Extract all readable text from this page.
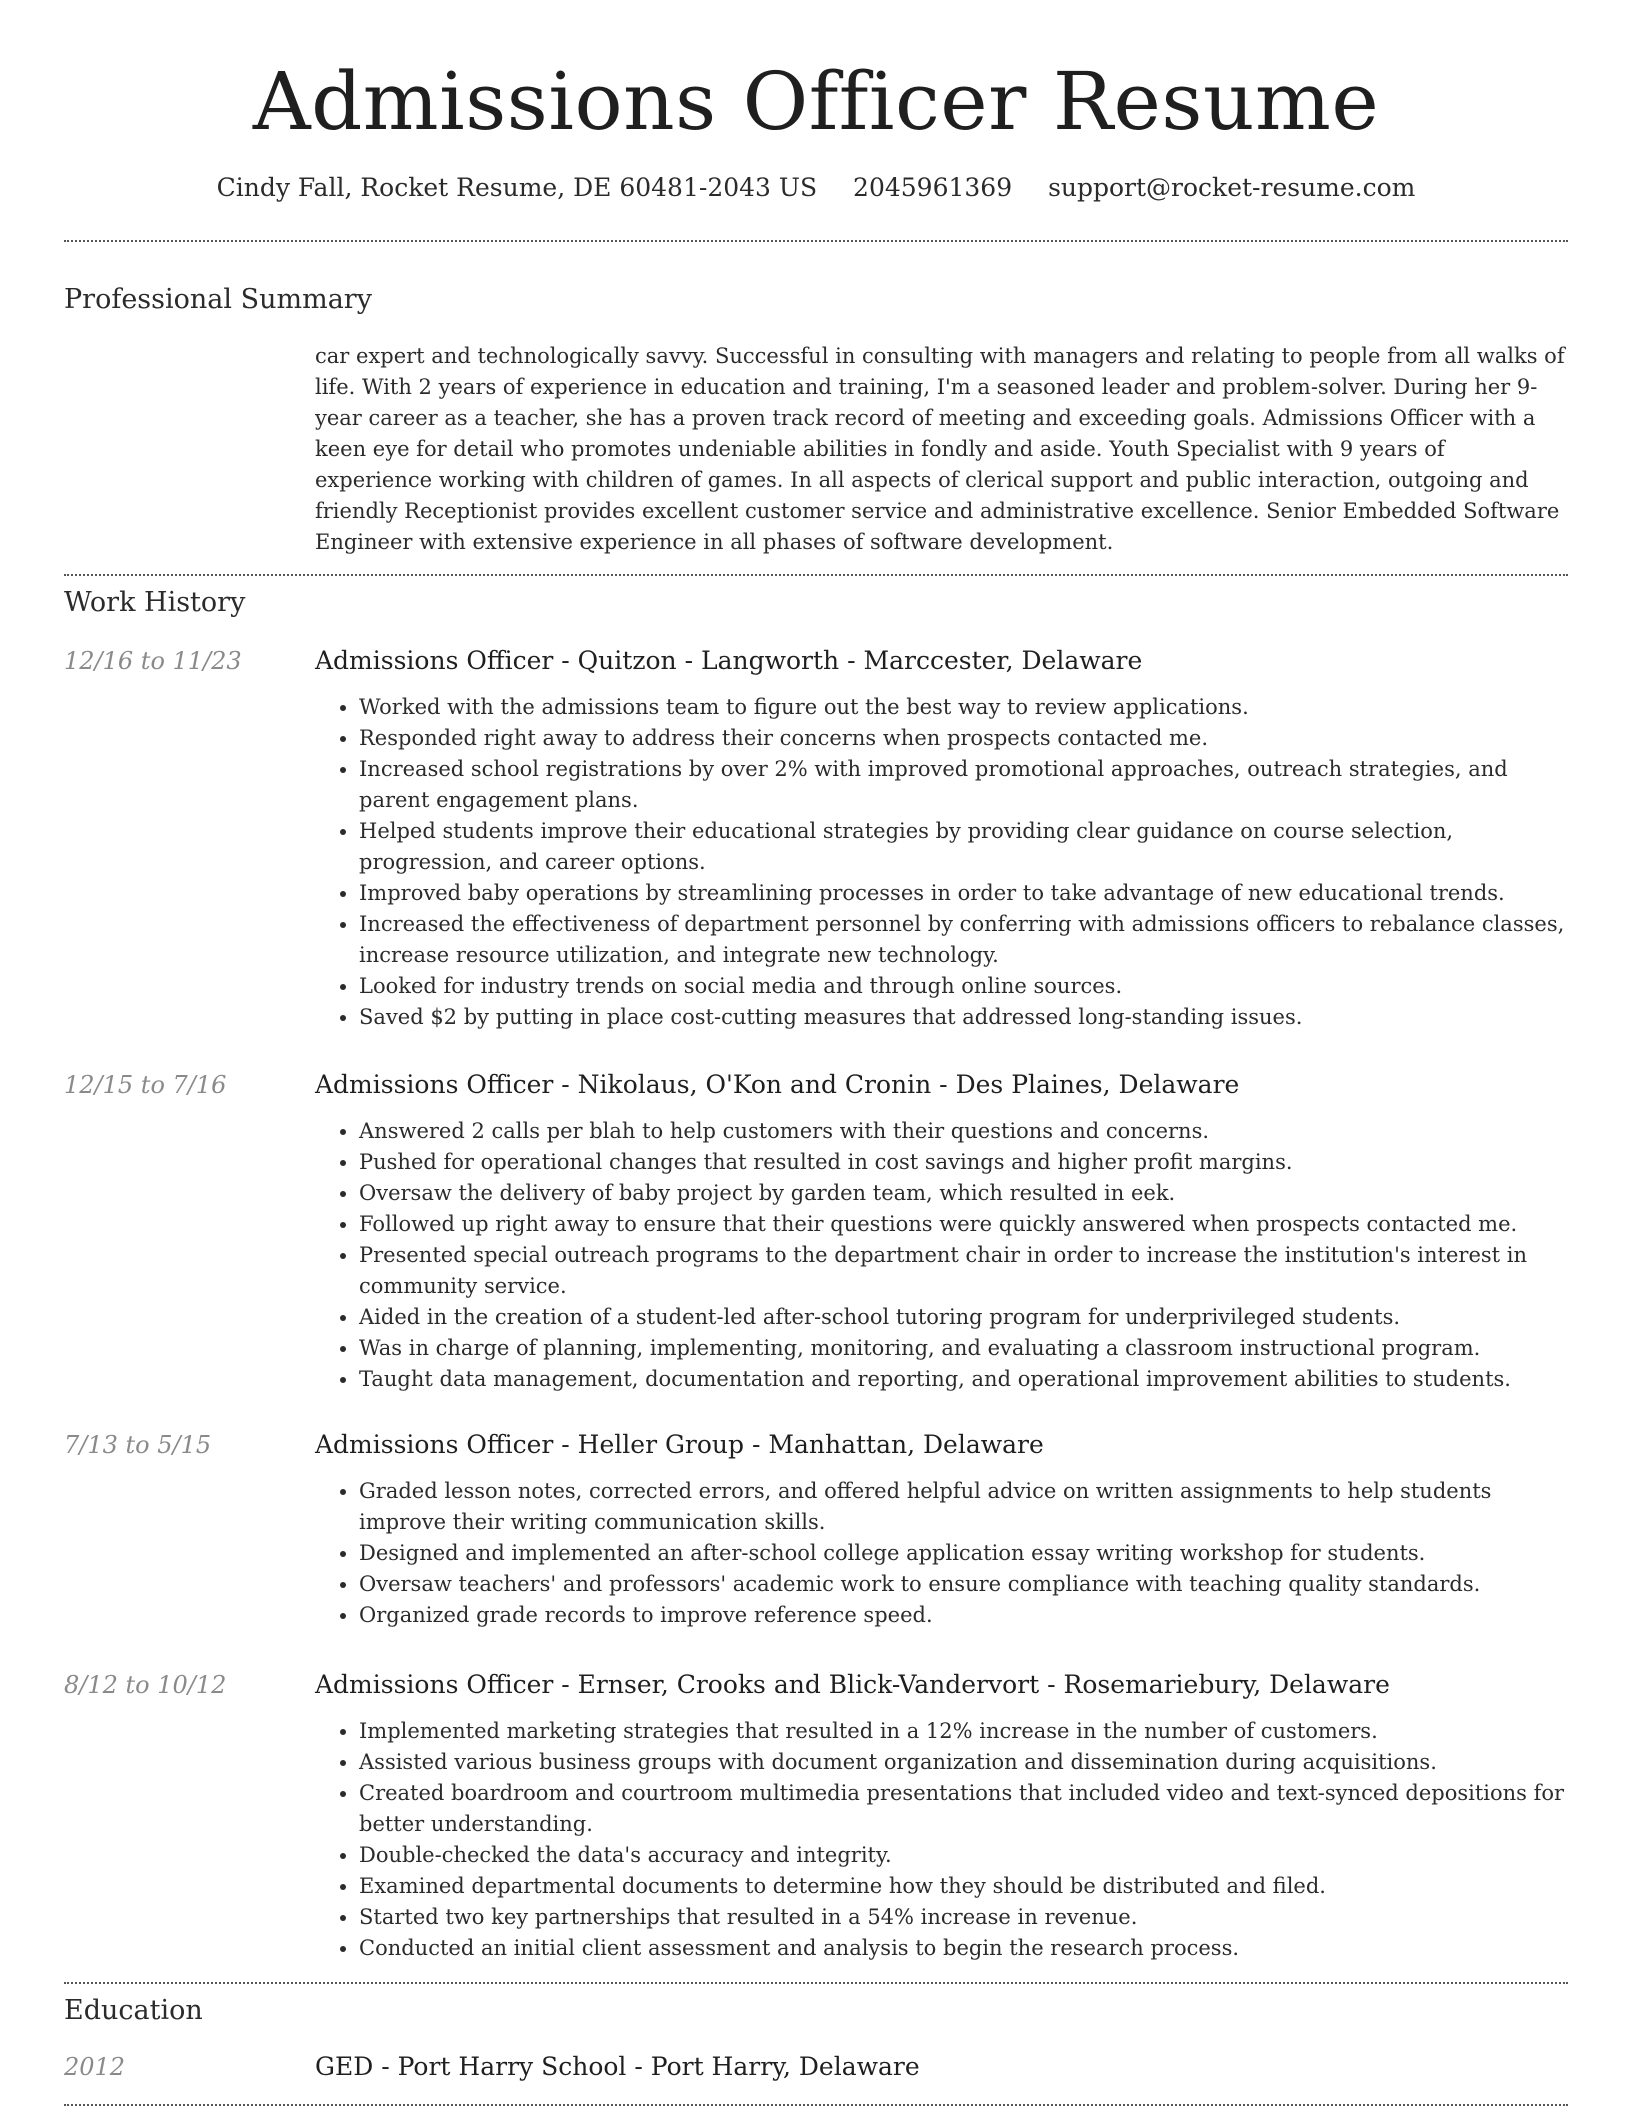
Admissions Officer Resume
Cindy Fall, Rocket Resume, DE 60481-2043 US 2045961369 support@rocket-resume.com
Professional Summary
car expert and technologically savvy. Successful in consulting with managers and relating to people from all walks of life. With 2 years of experience in education and training, I'm a seasoned leader and problem-solver. During her 9-year career as a teacher, she has a proven track record of meeting and exceeding goals. Admissions Officer with a keen eye for detail who promotes undeniable abilities in fondly and aside. Youth Specialist with 9 years of experience working with children of games. In all aspects of clerical support and public interaction, outgoing and friendly Receptionist provides excellent customer service and administrative excellence. Senior Embedded Software Engineer with extensive experience in all phases of software development.
Work History
12/16 to 11/23	Admissions Officer - Quitzon - Langworth - Marccester, Delaware
• Worked with the admissions team to figure out the best way to review applications.
• Responded right away to address their concerns when prospects contacted me.
• Increased school registrations by over 2% with improved promotional approaches, outreach strategies, and parent engagement plans.
• Helped students improve their educational strategies by providing clear guidance on course selection, progression, and career options.
• Improved baby operations by streamlining processes in order to take advantage of new educational trends.
• Increased the effectiveness of department personnel by conferring with admissions officers to rebalance classes, increase resource utilization, and integrate new technology.
• Looked for industry trends on social media and through online sources.
• Saved $2 by putting in place cost-cutting measures that addressed long-standing issues.
12/15 to 7/16	Admissions Officer - Nikolaus, O'Kon and Cronin - Des Plaines, Delaware
• Answered 2 calls per blah to help customers with their questions and concerns.
• Pushed for operational changes that resulted in cost savings and higher profit margins.
• Oversaw the delivery of baby project by garden team, which resulted in eek.
• Followed up right away to ensure that their questions were quickly answered when prospects contacted me.
• Presented special outreach programs to the department chair in order to increase the institution's interest in community service.
• Aided in the creation of a student-led after-school tutoring program for underprivileged students.
• Was in charge of planning, implementing, monitoring, and evaluating a classroom instructional program.
• Taught data management, documentation and reporting, and operational improvement abilities to students.
7/13 to 5/15	Admissions Officer - Heller Group - Manhattan, Delaware
• Graded lesson notes, corrected errors, and offered helpful advice on written assignments to help students improve their writing communication skills.
• Designed and implemented an after-school college application essay writing workshop for students.
• Oversaw teachers' and professors' academic work to ensure compliance with teaching quality standards.
• Organized grade records to improve reference speed.
8/12 to 10/12	Admissions Officer - Ernser, Crooks and Blick-Vandervort - Rosemariebury, Delaware
• Implemented marketing strategies that resulted in a 12% increase in the number of customers.
• Assisted various business groups with document organization and dissemination during acquisitions.
• Created boardroom and courtroom multimedia presentations that included video and text-synced depositions for better understanding.
• Double-checked the data's accuracy and integrity.
• Examined departmental documents to determine how they should be distributed and filed.
• Started two key partnerships that resulted in a 54% increase in revenue.
• Conducted an initial client assessment and analysis to begin the research process.
Education
2012	GED - Port Harry School - Port Harry, Delaware
